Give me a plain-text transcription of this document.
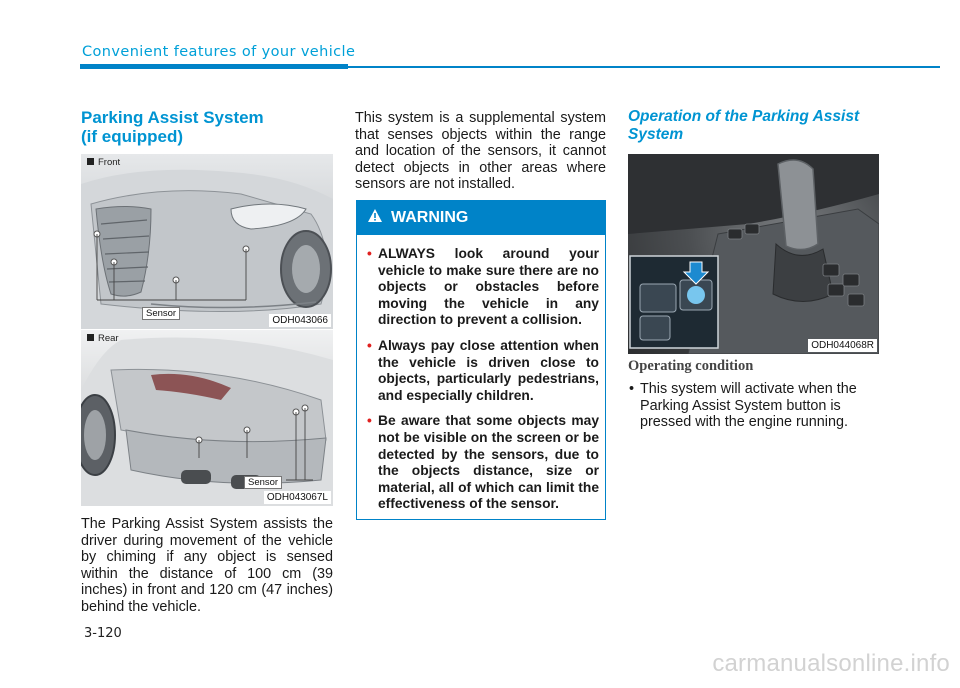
Convenient features of your vehicle
Parking Assist System
(if equipped)
Front
Sensor
ODH043066
Rear
Sensor
ODH043067L
The Parking Assist System assists the driver during movement of the vehicle by chiming if any object is sensed within the distance of 100 cm (39 inches) in front and 120 cm (47 inches) behind the vehicle.
This system is a supplemental system that senses objects within the range and location of the sensors, it cannot detect objects in other areas where sensors are not installed.
WARNING
• ALWAYS look around your vehicle to make sure there are no objects or obstacles before moving the vehicle in any direction to prevent a collision.
• Always pay close attention when the vehicle is driven close to objects, particularly pedestrians, and especially children.
• Be aware that some objects may not be visible on the screen or be detected by the sensors, due to the objects distance, size or material, all of which can limit the effectiveness of the sensor.
Operation of the Parking Assist
System
ODH044068R
Operating condition
• This system will activate when the Parking Assist System button is pressed with the engine running.
3-120
carmanualsonline.info
